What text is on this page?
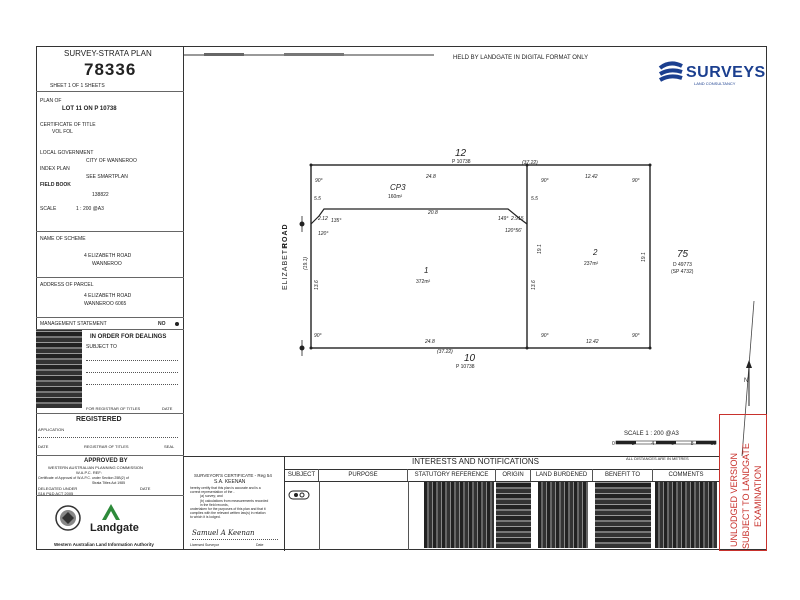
SURVEY-STRATA PLAN
78336
SHEET 1 OF 1 SHEETS
PLAN OF
LOT 11 ON P 10738
CERTIFICATE OF TITLE
VOL FOL
LOCAL GOVERNMENT
CITY OF WANNEROO
INDEX PLAN
SEE SMARTPLAN
FIELD BOOK
138822
SCALE	1 : 200 @A3
NAME OF SCHEME
4 ELIZABETH ROAD
WANNEROO
ADDRESS OF PARCEL
4 ELIZABETH ROAD
WANNEROO 6065
MANAGEMENT STATEMENT	NO
IN ORDER FOR DEALINGS
SUBJECT TO
FOR REGISTRAR OF TITLES	DATE
REGISTERED
APPLICATION
DATE	REGISTRAR OF TITLES	SEAL
APPROVED BY
WESTERN AUSTRALIAN PLANNING COMMISSION
W.A.P.C. REF:
Certificate of Approval of W.A.P.C. under Section 25B(2) of
Strata Titles Act 1985
DELEGATED UNDER	DATE
S16 P&D ACT 2005
Landgate
Western Australian Land Information Authority
HELD BY LANDGATE IN DIGITAL FORMAT ONLY
SURVEYS
LAND CONSULTANCY
12
P 10738	(37.22)
24.8	12.42
CP3
160m²
20.8
90°	90°	90°
5.5	5.5
2.12 135°
120°
149° 2.915
120°56'
1
372m²
2
237m²
75
D 49773
(SP 4732)
(19.1)
13.6
19.1
13.6
19.1
ELIZABETH
ROAD
90°	90°	90°
24.8	12.42
(37.22)
10
P 10738
N
SCALE 1 : 200 @A3
0	2	4	6	8	10
ALL DISTANCES ARE IN METRES	UNLODGED VERSION SUBJECT TO LANDGATE EXAMINATION
SURVEYOR'S CERTIFICATE - Reg 54
S.A. KEENAN
hereby certify that this plan is accurate and is a
correct representation of the -
(a) survey; and
(b) calculations from measurements recorded
in the field records,
undertaken for the purposes of this plan and that it
complies with the relevant written law(s) in relation
to which it is lodged.
Samuel A Keenan
Licensed Surveyor	Date
INTERESTS AND NOTIFICATIONS
SUBJECT	PURPOSE	STATUTORY REFERENCE	ORIGIN	LAND BURDENED	BENEFIT TO	COMMENTS
